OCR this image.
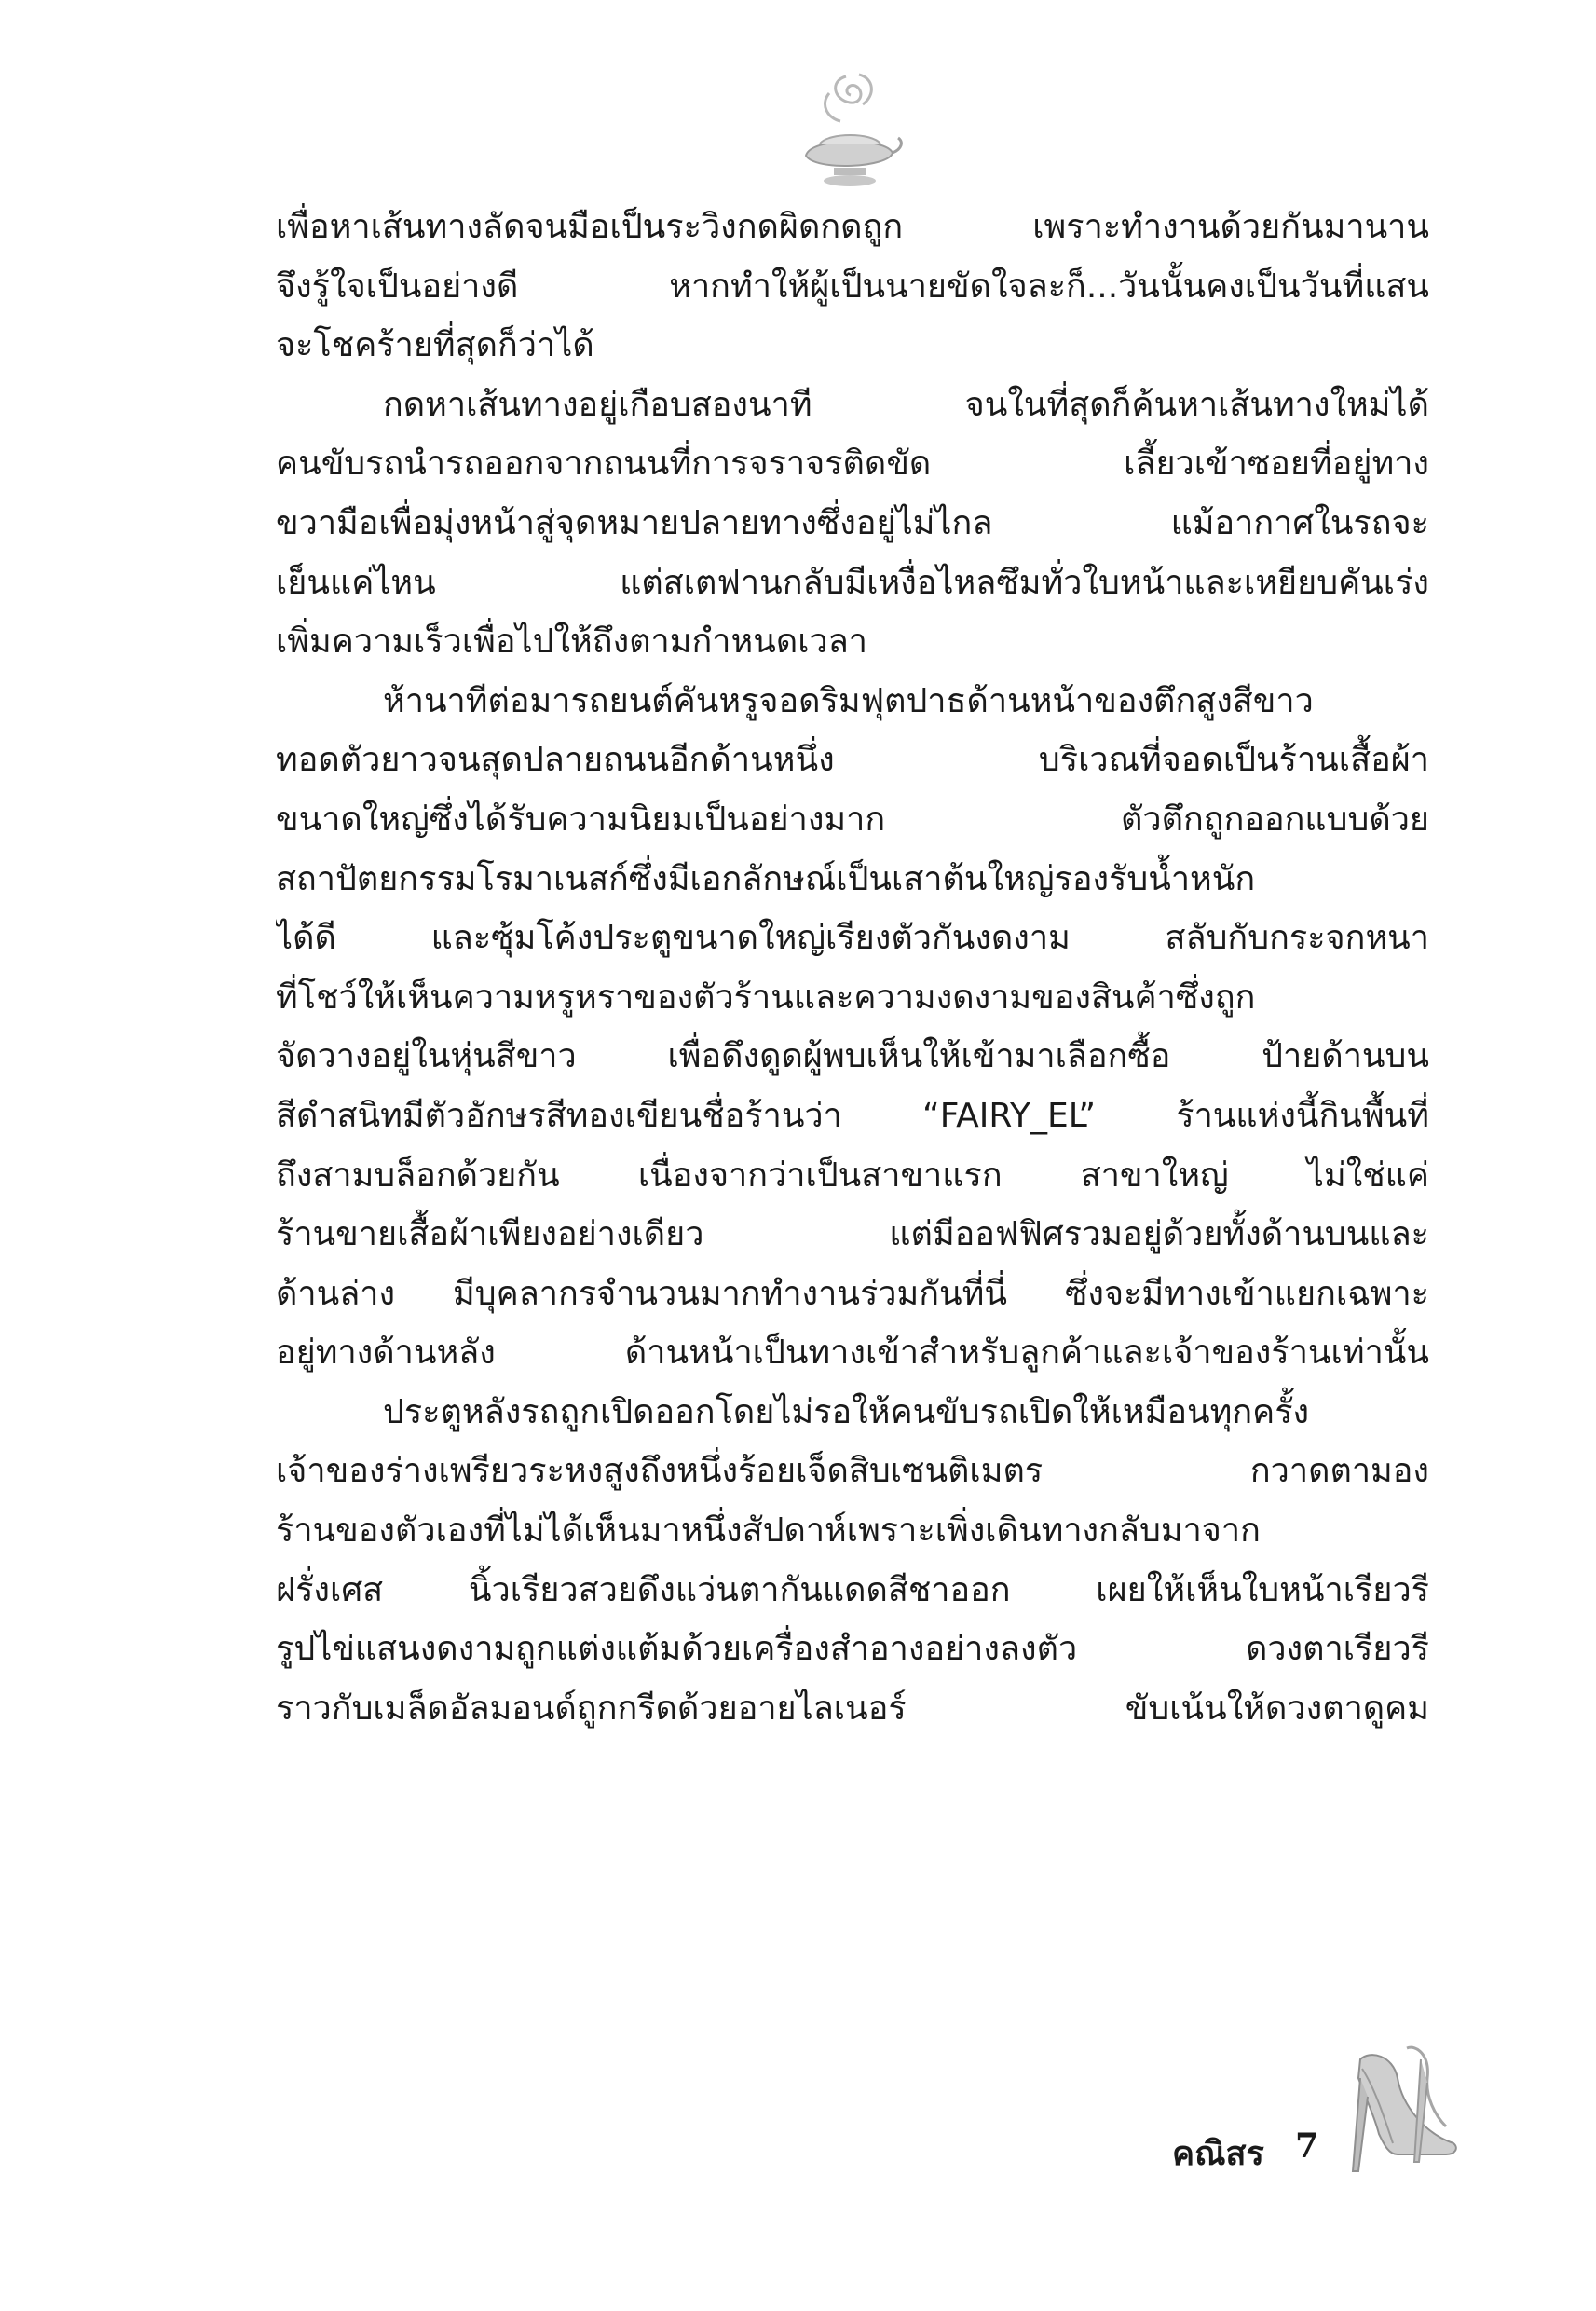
เพื่อหาเส้นทางลัดจนมือเป็นระวิงกดผิดกดถูก เพราะทำงานด้วยกันมานาน
จึงรู้ใจเป็นอย่างดี หากทำให้ผู้เป็นนายขัดใจละก็...วันนั้นคงเป็นวันที่แสน
จะโชคร้ายที่สุดก็ว่าได้
กดหาเส้นทางอยู่เกือบสองนาที จนในที่สุดก็ค้นหาเส้นทางใหม่ได้
คนขับรถนำรถออกจากถนนที่การจราจรติดขัด เลี้ยวเข้าซอยที่อยู่ทาง
ขวามือเพื่อมุ่งหน้าสู่จุดหมายปลายทางซึ่งอยู่ไม่ไกล แม้อากาศในรถจะ
เย็นแค่ไหน แต่สเตฟานกลับมีเหงื่อไหลซึมทั่วใบหน้าและเหยียบคันเร่ง
เพิ่มความเร็วเพื่อไปให้ถึงตามกำหนดเวลา
ห้านาทีต่อมารถยนต์คันหรูจอดริมฟุตปาธด้านหน้าของตึกสูงสีขาว
ทอดตัวยาวจนสุดปลายถนนอีกด้านหนึ่ง บริเวณที่จอดเป็นร้านเสื้อผ้า
ขนาดใหญ่ซึ่งได้รับความนิยมเป็นอย่างมาก ตัวตึกถูกออกแบบด้วย
สถาปัตยกรรมโรมาเนสก์ซึ่งมีเอกลักษณ์เป็นเสาต้นใหญ่รองรับน้ำหนัก
ได้ดี และซุ้มโค้งประตูขนาดใหญ่เรียงตัวกันงดงาม สลับกับกระจกหนา
ที่โชว์ให้เห็นความหรูหราของตัวร้านและความงดงามของสินค้าซึ่งถูก
จัดวางอยู่ในหุ่นสีขาว เพื่อดึงดูดผู้พบเห็นให้เข้ามาเลือกซื้อ ป้ายด้านบน
สีดำสนิทมีตัวอักษรสีทองเขียนชื่อร้านว่า “FAIRY_EL” ร้านแห่งนี้กินพื้นที่
ถึงสามบล็อกด้วยกัน เนื่องจากว่าเป็นสาขาแรก สาขาใหญ่ ไม่ใช่แค่
ร้านขายเสื้อผ้าเพียงอย่างเดียว แต่มีออฟฟิศรวมอยู่ด้วยทั้งด้านบนและ
ด้านล่าง มีบุคลากรจำนวนมากทำงานร่วมกันที่นี่ ซึ่งจะมีทางเข้าแยกเฉพาะ
อยู่ทางด้านหลัง ด้านหน้าเป็นทางเข้าสำหรับลูกค้าและเจ้าของร้านเท่านั้น
ประตูหลังรถถูกเปิดออกโดยไม่รอให้คนขับรถเปิดให้เหมือนทุกครั้ง
เจ้าของร่างเพรียวระหงสูงถึงหนึ่งร้อยเจ็ดสิบเซนติเมตร กวาดตามอง
ร้านของตัวเองที่ไม่ได้เห็นมาหนึ่งสัปดาห์เพราะเพิ่งเดินทางกลับมาจาก
ฝรั่งเศส นิ้วเรียวสวยดึงแว่นตากันแดดสีชาออก เผยให้เห็นใบหน้าเรียวรี
รูปไข่แสนงดงามถูกแต่งแต้มด้วยเครื่องสำอางอย่างลงตัว ดวงตาเรียวรี
ราวกับเมล็ดอัลมอนด์ถูกกรีดด้วยอายไลเนอร์ ขับเน้นให้ดวงตาดูคม
คณิสร 7
